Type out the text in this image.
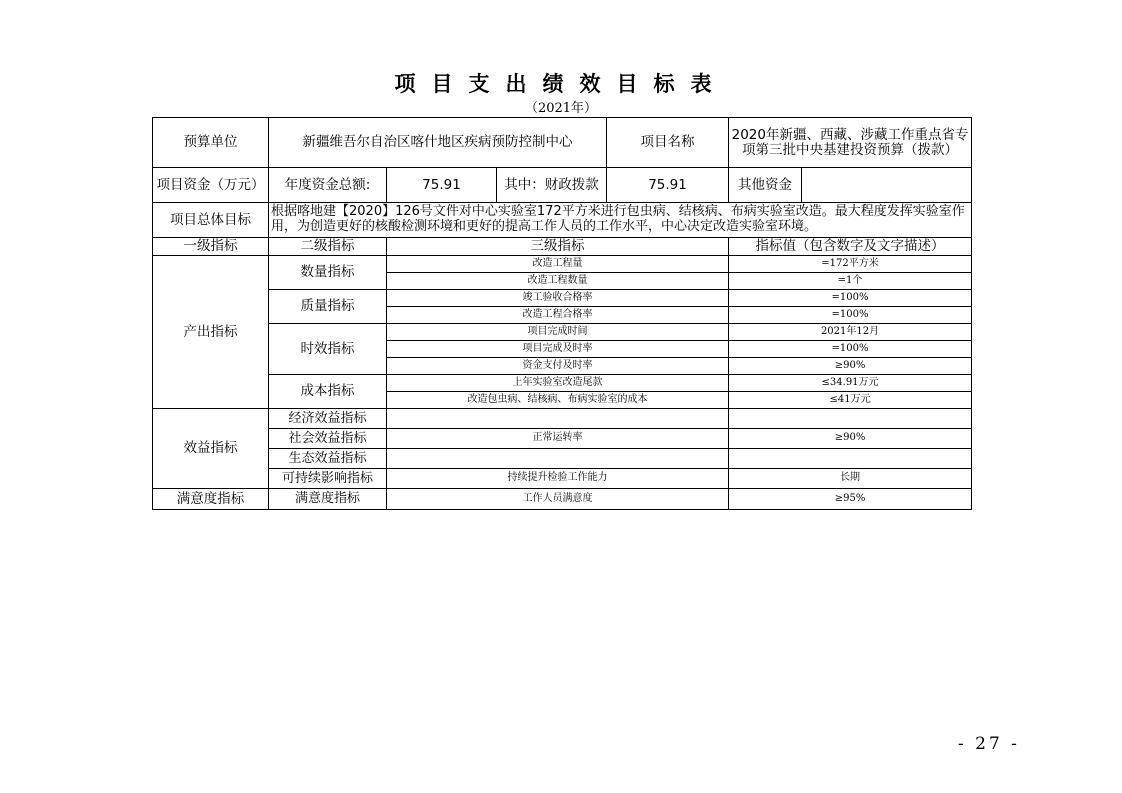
项目支出绩效目标表
（2021年）
预算单位	新疆维吾尔自治区喀什地区疾病预防控制中心			项目名称	2020年新疆、西藏、涉藏工作重点省专项第三批中央基建投资预算（拨款）	
项目资金（万元）	年度资金总额:	75.91	其中：财政拨款	75.91	其他资金	
项目总体目标	根据喀地建【2020】126号文件对中心实验室172平方米进行包虫病、结核病、布病实验室改造。最大程度发挥实验室作用，为创造更好的核酸检测环境和更好的提高工作人员的工作水平，中心决定改造实验室环境。					
一级指标	二级指标	三级指标			指标值（包含数字及文字描述）	
产出指标	数量指标	改造工程量			=172平方米	
		改造工程数量			=1个	
	质量指标	竣工验收合格率			=100%	
		改造工程合格率			=100%	
	时效指标	项目完成时间			2021年12月	
		项目完成及时率			=100%	
		资金支付及时率			≥90%	
	成本指标	上年实验室改造尾款			≤34.91万元	
		改造包虫病、结核病、布病实验室的成本			≤41万元	
效益指标	经济效益指标					
	社会效益指标	正常运转率			≥90%	
	生态效益指标					
	可持续影响指标	持续提升检验工作能力			长期	
满意度指标	满意度指标	工作人员满意度			≥95%	
- 27 -
